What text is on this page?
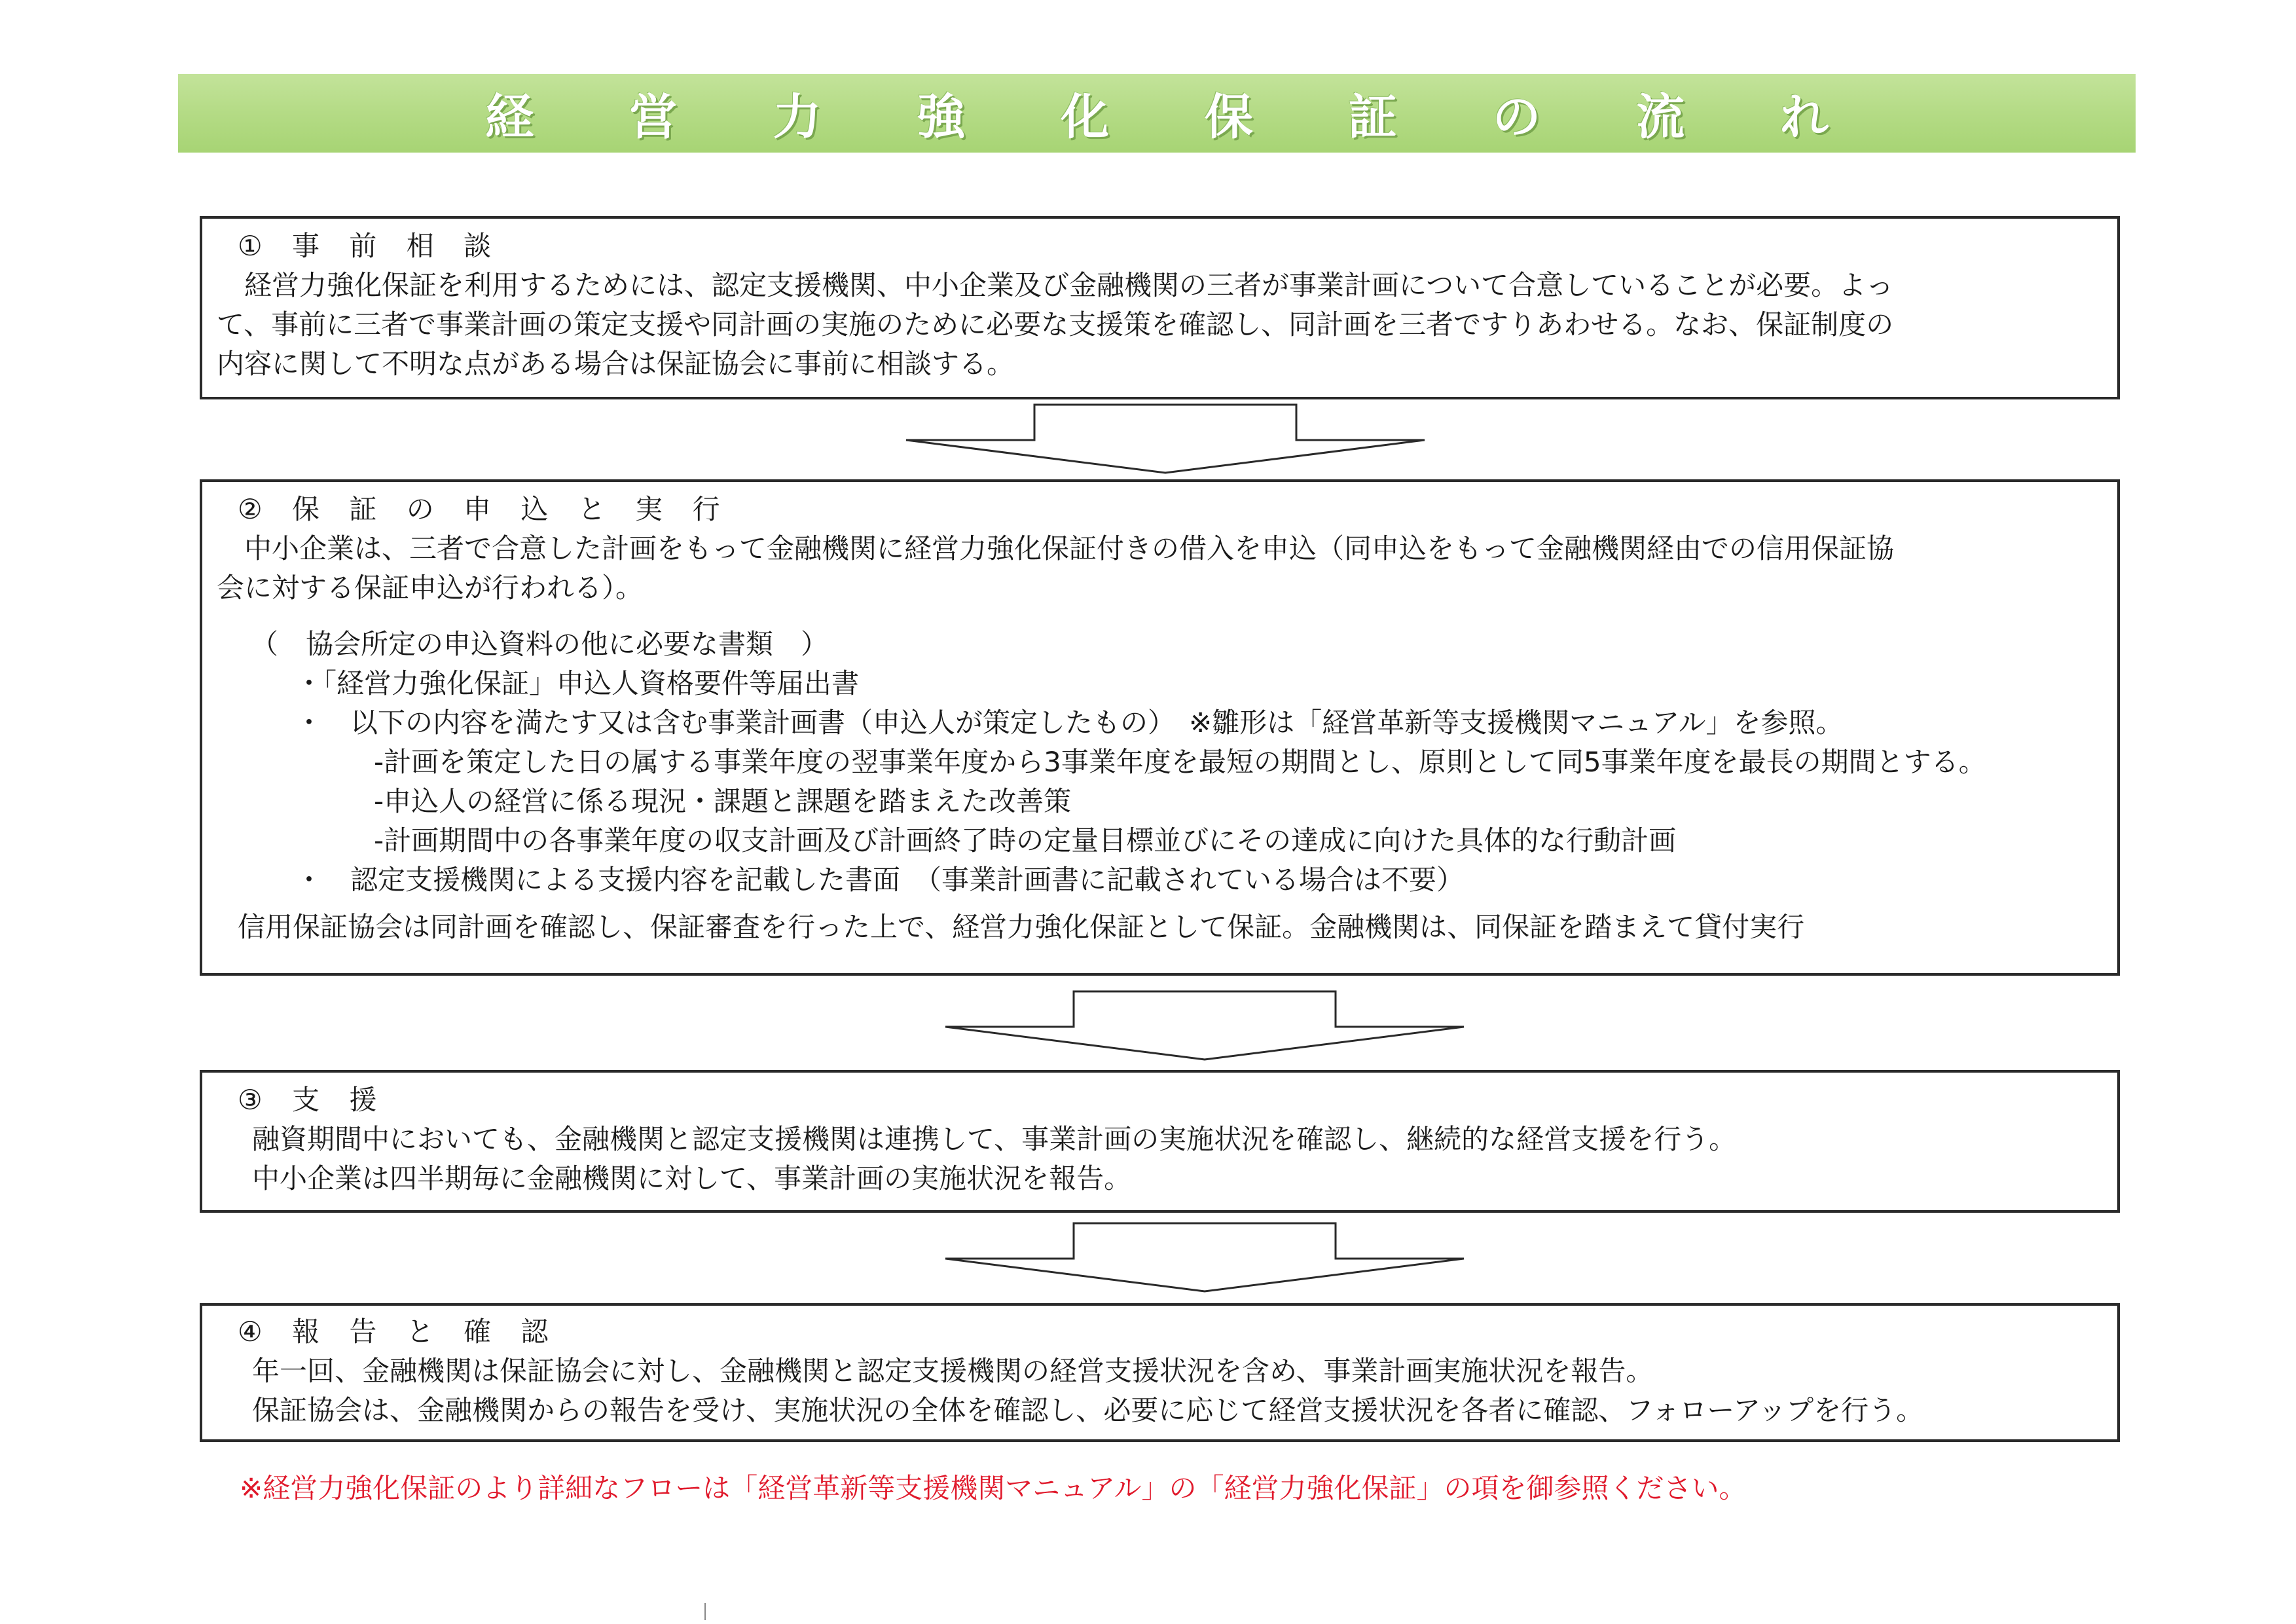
経 営 力 強 化 保 証 の 流 れ

① 事 前 相 談

経営力強化保証を利用するためには、認定支援機関、中小企業及び金融機関の三者が事業計画について合意していることが必要。よっ

て、事前に三者で事業計画の策定支援や同計画の実施のために必要な支援策を確認し、同計画を三者ですりあわせる。なお、保証制度の

内容に関して不明な点がある場合は保証協会に事前に相談する。

② 保 証 の 申 込 と 実 行

中小企業は、三者で合意した計画をもって金融機関に経営力強化保証付きの借入を申込（同申込をもって金融機関経由での信用保証協

会に対する保証申込が行われる）。

（　協会所定の申込資料の他に必要な書類　）

・「経営力強化保証」申込人資格要件等届出書

・　以下の内容を満たす又は含む事業計画書（申込人が策定したもの）　※雛形は「経営革新等支援機関マニュアル」を参照。

-計画を策定した日の属する事業年度の翌事業年度から3事業年度を最短の期間とし、原則として同5事業年度を最長の期間とする。

-申込人の経営に係る現況・課題と課題を踏まえた改善策

-計画期間中の各事業年度の収支計画及び計画終了時の定量目標並びにその達成に向けた具体的な行動計画

・　認定支援機関による支援内容を記載した書面　（事業計画書に記載されている場合は不要）

信用保証協会は同計画を確認し、保証審査を行った上で、経営力強化保証として保証。金融機関は、同保証を踏まえて貸付実行

③ 支 援

融資期間中においても、金融機関と認定支援機関は連携して、事業計画の実施状況を確認し、継続的な経営支援を行う。

中小企業は四半期毎に金融機関に対して、事業計画の実施状況を報告。

④ 報 告 と 確 認

年一回、金融機関は保証協会に対し、金融機関と認定支援機関の経営支援状況を含め、事業計画実施状況を報告。

保証協会は、金融機関からの報告を受け、実施状況の全体を確認し、必要に応じて経営支援状況を各者に確認、フォローアップを行う。

※経営力強化保証のより詳細なフローは「経営革新等支援機関マニュアル」の「経営力強化保証」の項を御参照ください。
